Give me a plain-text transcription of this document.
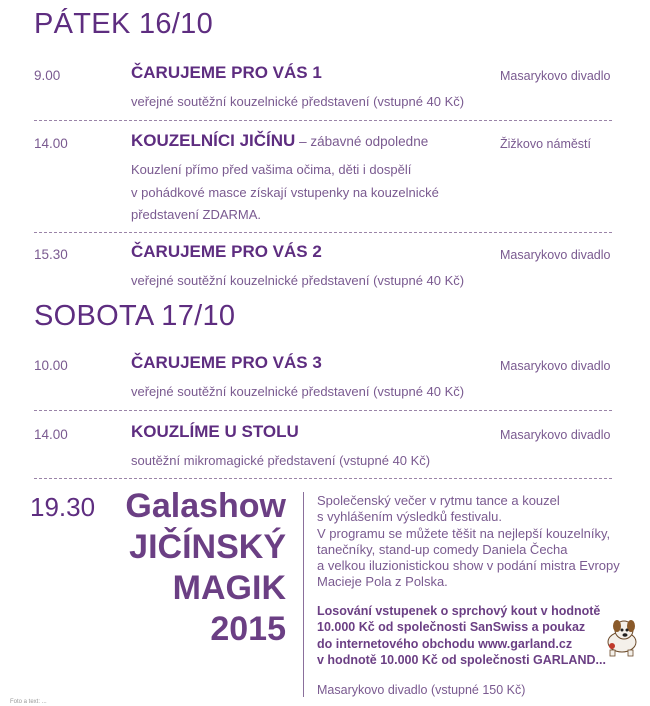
PÁTEK 16/10
9.00	ČARUJEME PRO VÁS 1
veřejné soutěžní kouzelnické představení (vstupné 40 Kč)
Masarykovo divadlo
14.00	KOUZELNÍCI JIČÍNU – zábavné odpoledne
Kouzlení přímo před vašima očima, děti i dospělí
v pohádkové masce získají vstupenky na kouzelnické
představení ZDARMA.
Žižkovo náměstí
15.30	ČARUJEME PRO VÁS 2
veřejné soutěžní kouzelnické představení (vstupné 40 Kč)
Masarykovo divadlo
SOBOTA 17/10
10.00	ČARUJEME PRO VÁS 3
veřejné soutěžní kouzelnické představení (vstupné 40 Kč)
Masarykovo divadlo
14.00	KOUZLÍME U STOLU
soutěžní mikromagické představení (vstupné 40 Kč)
Masarykovo divadlo
19.30 Galashow
JIČÍNSKÝ
MAGIK
2015
Společenský večer v rytmu tance a kouzel
s vyhlášením výsledků festivalu.
V programu se můžete těšit na nejlepší kouzelníky,
tanečníky, stand-up comedy Daniela Čecha
a velkou iluzionistickou show v podání mistra Evropy
Macieje Pola z Polska.
Losování vstupenek o sprchový kout v hodnotě
10.000 Kč od společnosti SanSwiss a poukaz
do internetového obchodu www.garland.cz
v hodnotě 10.000 Kč od společnosti GARLAND...
Masarykovo divadlo (vstupné 150 Kč)
Foto a text: ...
